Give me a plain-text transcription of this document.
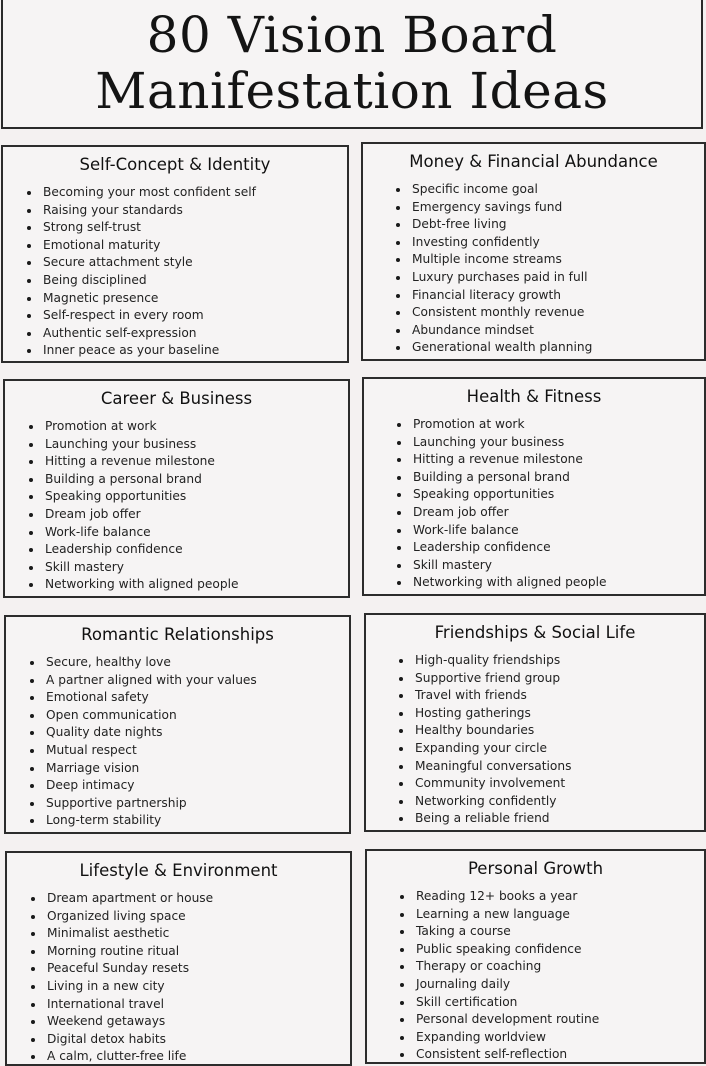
80 Vision Board
Manifestation Ideas
Self-Concept & Identity
Becoming your most confident self
Raising your standards
Strong self-trust
Emotional maturity
Secure attachment style
Being disciplined
Magnetic presence
Self-respect in every room
Authentic self-expression
Inner peace as your baseline
Money & Financial Abundance
Specific income goal
Emergency savings fund
Debt-free living
Investing confidently
Multiple income streams
Luxury purchases paid in full
Financial literacy growth
Consistent monthly revenue
Abundance mindset
Generational wealth planning
Career & Business
Promotion at work
Launching your business
Hitting a revenue milestone
Building a personal brand
Speaking opportunities
Dream job offer
Work-life balance
Leadership confidence
Skill mastery
Networking with aligned people
Health & Fitness
Promotion at work
Launching your business
Hitting a revenue milestone
Building a personal brand
Speaking opportunities
Dream job offer
Work-life balance
Leadership confidence
Skill mastery
Networking with aligned people
Romantic Relationships
Secure, healthy love
A partner aligned with your values
Emotional safety
Open communication
Quality date nights
Mutual respect
Marriage vision
Deep intimacy
Supportive partnership
Long-term stability
Friendships & Social Life
High-quality friendships
Supportive friend group
Travel with friends
Hosting gatherings
Healthy boundaries
Expanding your circle
Meaningful conversations
Community involvement
Networking confidently
Being a reliable friend
Lifestyle & Environment
Dream apartment or house
Organized living space
Minimalist aesthetic
Morning routine ritual
Peaceful Sunday resets
Living in a new city
International travel
Weekend getaways
Digital detox habits
A calm, clutter-free life
Personal Growth
Reading 12+ books a year
Learning a new language
Taking a course
Public speaking confidence
Therapy or coaching
Journaling daily
Skill certification
Personal development routine
Expanding worldview
Consistent self-reflection
